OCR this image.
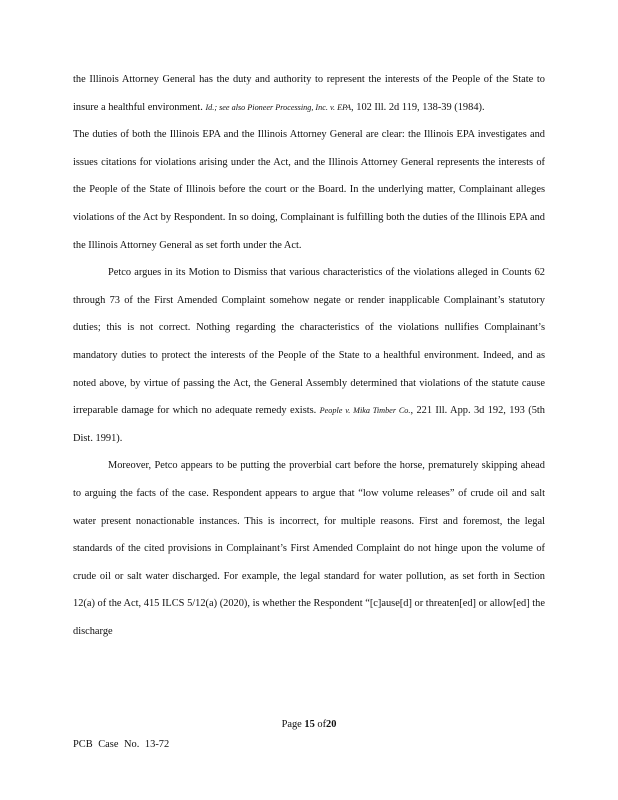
the Illinois Attorney General has the duty and authority to represent the interests of the People of the State to insure a healthful environment. Id.; see also Pioneer Processing, Inc. v. EPA, 102 Ill. 2d 119, 138-39 (1984).

The duties of both the Illinois EPA and the Illinois Attorney General are clear: the Illinois EPA investigates and issues citations for violations arising under the Act, and the Illinois Attorney General represents the interests of the People of the State of Illinois before the court or the Board. In the underlying matter, Complainant alleges violations of the Act by Respondent. In so doing, Complainant is fulfilling both the duties of the Illinois EPA and the Illinois Attorney General as set forth under the Act.

Petco argues in its Motion to Dismiss that various characteristics of the violations alleged in Counts 62 through 73 of the First Amended Complaint somehow negate or render inapplicable Complainant’s statutory duties; this is not correct. Nothing regarding the characteristics of the violations nullifies Complainant’s mandatory duties to protect the interests of the People of the State to a healthful environment. Indeed, and as noted above, by virtue of passing the Act, the General Assembly determined that violations of the statute cause irreparable damage for which no adequate remedy exists. People v. Mika Timber Co., 221 Ill. App. 3d 192, 193 (5th Dist. 1991).

Moreover, Petco appears to be putting the proverbial cart before the horse, prematurely skipping ahead to arguing the facts of the case. Respondent appears to argue that “low volume releases” of crude oil and salt water present nonactionable instances. This is incorrect, for multiple reasons. First and foremost, the legal standards of the cited provisions in Complainant’s First Amended Complaint do not hinge upon the volume of crude oil or salt water discharged. For example, the legal standard for water pollution, as set forth in Section 12(a) of the Act, 415 ILCS 5/12(a) (2020), is whether the Respondent “[c]ause[d] or threaten[ed] or allow[ed] the discharge

Page 15 of20
PCB Case No. 13-72
